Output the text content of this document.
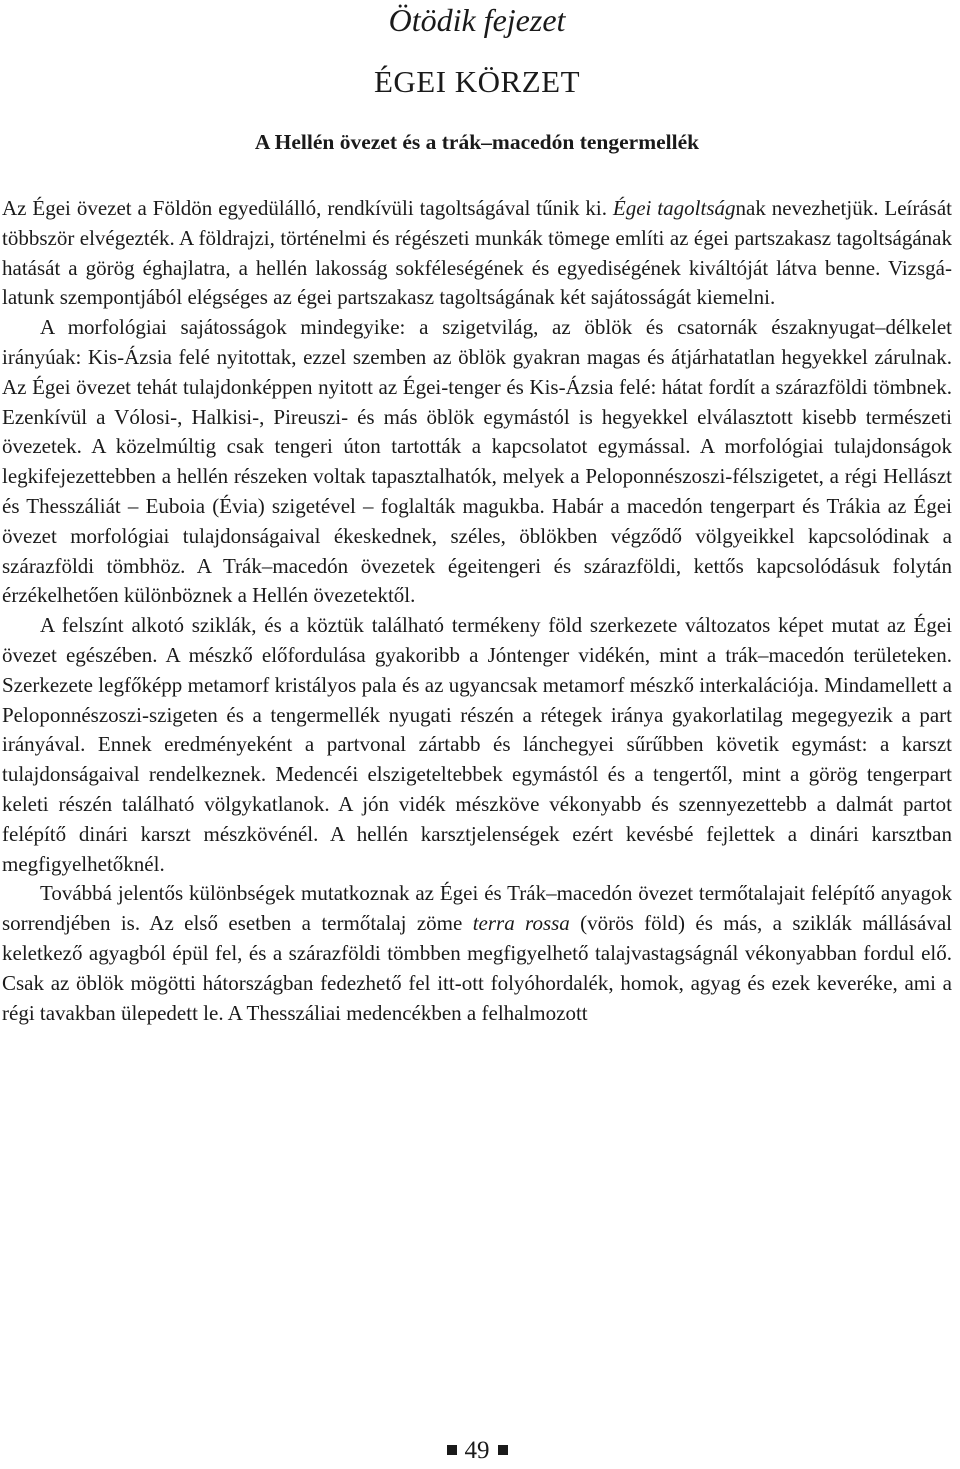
Ötödik fejezet
ÉGEI KÖRZET
A Hellén övezet és a trák–macedón tengermellék

Az Égei övezet a Földön egyedülálló, rendkívüli tagoltságával tűnik ki. Égei tagoltságnak nevezhetjük. Leírását többször elvégezték. A földrajzi, történelmi és régészeti munkák tömege említi az égei partszakasz tagoltságának hatását a görög éghajlatra, a hellén lakosság sokféleségének és egyediségének kiváltóját látva benne. Vizsgálatunk szempontjából elégséges az égei partszakasz tagoltságának két sajátosságát kiemelni.

A morfológiai sajátosságok mindegyike: a szigetvilág, az öblök és csatornák északnyugat–délkelet irányúak: Kis-Ázsia felé nyitottak, ezzel szemben az öblök gyakran magas és átjárhatatlan hegyekkel zárulnak. Az Égei övezet tehát tulajdonképpen nyitott az Égei-tenger és Kis-Ázsia felé: hátat fordít a szárazföldi tömbnek. Ezenkívül a Vólosi-, Halkisi-, Pireuszi- és más öblök egymástól is hegyekkel elválasztott kisebb természeti övezetek. A közelmúltig csak tengeri úton tartották a kapcsolatot egymással. A morfológiai tulajdonságok legkifejezettebben a hellén részeken voltak tapasztalhatók, melyek a Peloponnészoszi-félszigetet, a régi Hellászt és Thesszáliát – Euboia (Évia) szigetével – foglalták magukba. Habár a macedón tengerpart és Trákia az Égei övezet morfológiai tulajdonságaival ékeskednek, széles, öblökben végződő völgyeikkel kapcsolódinak a szárazföldi tömbhöz. A Trák–macedón övezetek égeitengeri és szárazföldi, kettős kapcsolódásuk folytán érzékelhetően különböznek a Hellén övezetektől.

A felszínt alkotó sziklák, és a köztük található termékeny föld szerkezete változatos képet mutat az Égei övezet egészében. A mészkő előfordulása gyakoribb a Jóntenger vidékén, mint a trák–macedón területeken. Szerkezete legfőképp metamorf kristályos pala és az ugyancsak metamorf mészkő interkalációja. Mindamellett a Peloponnészoszi-szigeten és a tengermellék nyugati részén a rétegek iránya gyakorlatilag megegyezik a part irányával. Ennek eredményeként a partvonal zártabb és lánchegyei sűrűbben követik egymást: a karszt tulajdonságaival rendelkeznek. Medencéi elszigeteltebbek egymástól és a tengertől, mint a görög tengerpart keleti részén található völgykatlanok. A jón vidék mészköve vékonyabb és szennyezettebb a dalmát partot felépítő dinári karszt mészkövénél. A hellén karsztjelenségek ezért kevésbé fejlettek a dinári karsztban megfigyelhetőknél.

Továbbá jelentős különbségek mutatkoznak az Égei és Trák–macedón övezet termőtalajait felépítő anyagok sorrendjében is. Az első esetben a termőtalaj zöme terra rossa (vörös föld) és más, a sziklák mállásával keletkező agyagból épül fel, és a szárazföldi tömbben megfigyelhető talajvastagságnál vékonyabban fordul elő. Csak az öblök mögötti hátországban fedezhető fel itt-ott folyóhordalék, homok, agyag és ezek keveréke, ami a régi tavakban ülepedett le. A Thesszáliai medencékben a felhalmozott

49
